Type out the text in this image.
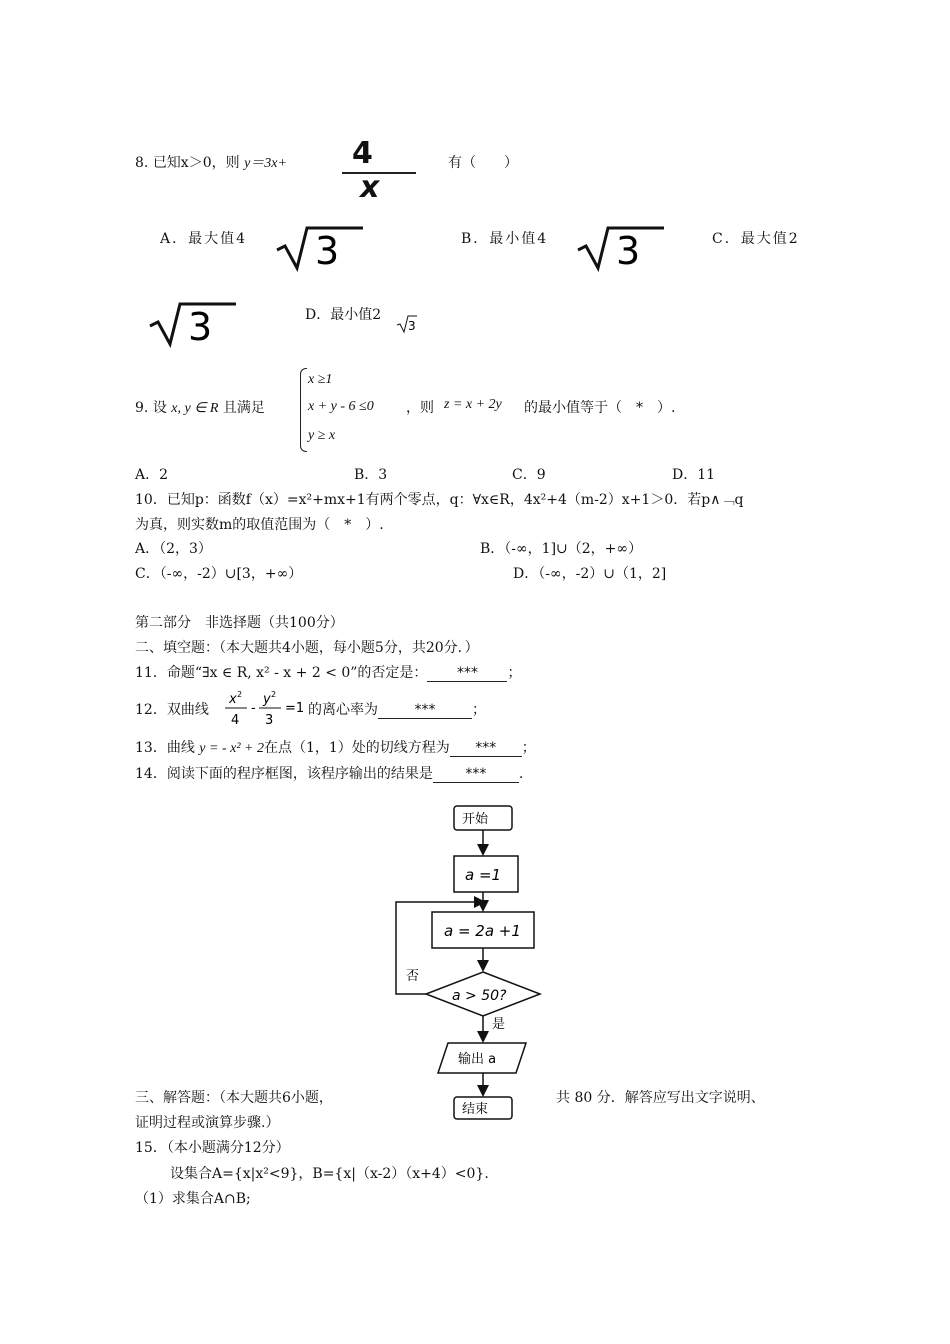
8. 已知x＞0，则 y＝3x+ 4
x
有（　　）
A．最大值4	B．最小值4	C．最大值2
D．最小值2
3	3
3	3
9. 设 x, y ∈ R 且满足
x ≥1
x + y - 6 ≤0
y ≥ x
，则 z = x + 2y 的最小值等于（　*　）.
A．2	B．3	C．9	D．11
10．已知p：函数f（x）=x²+mx+1有两个零点，q：∀x∈R，4x²+4（m-2）x+1＞0．若p∧﹁q
为真，则实数m的取值范围为（　*　）.
A．（2，3）	B．（-∞，1]∪（2，+∞）
C．（-∞，-2）∪[3，+∞）	D．（-∞，-2）∪（1，2]
第二部分　非选择题（共100分）
二、填空题：（本大题共4小题，每小题5分，共20分．）
11．命题“∃x ∈ R, x² - x + 2 < 0”的否定是： *** ；
12．双曲线
x 2
4
-
y 2
3
=1 的离心率为	***	；
13．曲线 y = - x² + 2在点（1，1）处的切线方程为 *** ；
14．阅读下面的程序框图，该程序输出的结果是 *** .
开始
a =1
a = 2a +1
a > 50?
否
是
输出 a
结束
三、解答题：（本大题共6小题，	共 80 分．解答应写出文字说明、
证明过程或演算步骤.）
15．（本小题满分12分）
设集合A={x|x²<9}，B={x|（x-2）（x+4）<0}.
（1）求集合A∩B;
